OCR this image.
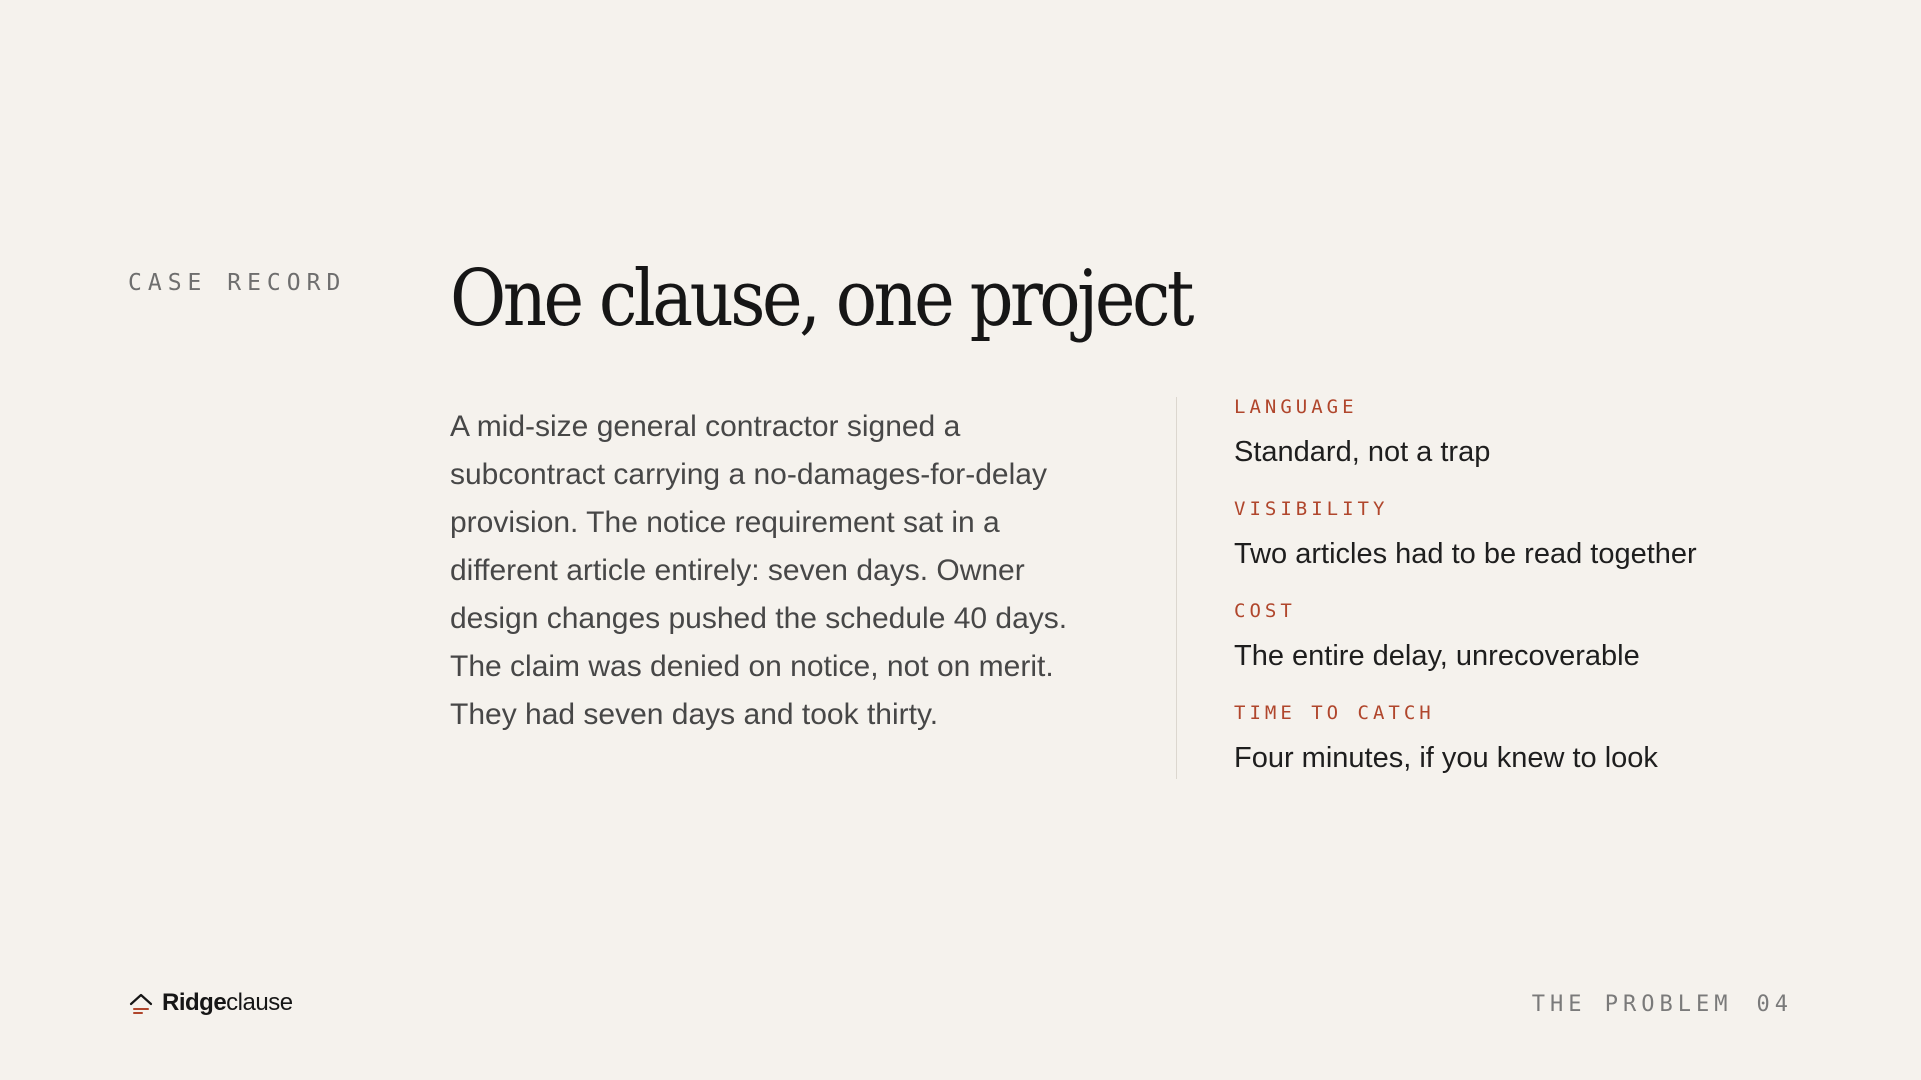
CASE RECORD One clause, one project

A mid-size general contractor signed a subcontract carrying a no-damages-for-delay provision. The notice requirement sat in a different article entirely: seven days. Owner design changes pushed the schedule 40 days. The claim was denied on notice, not on merit. They had seven days and took thirty.

LANGUAGE
Standard, not a trap
VISIBILITY
Two articles had to be read together
COST
The entire delay, unrecoverable
TIME TO CATCH
Four minutes, if you knew to look
Ridge clause	THE PROBLEM 04
